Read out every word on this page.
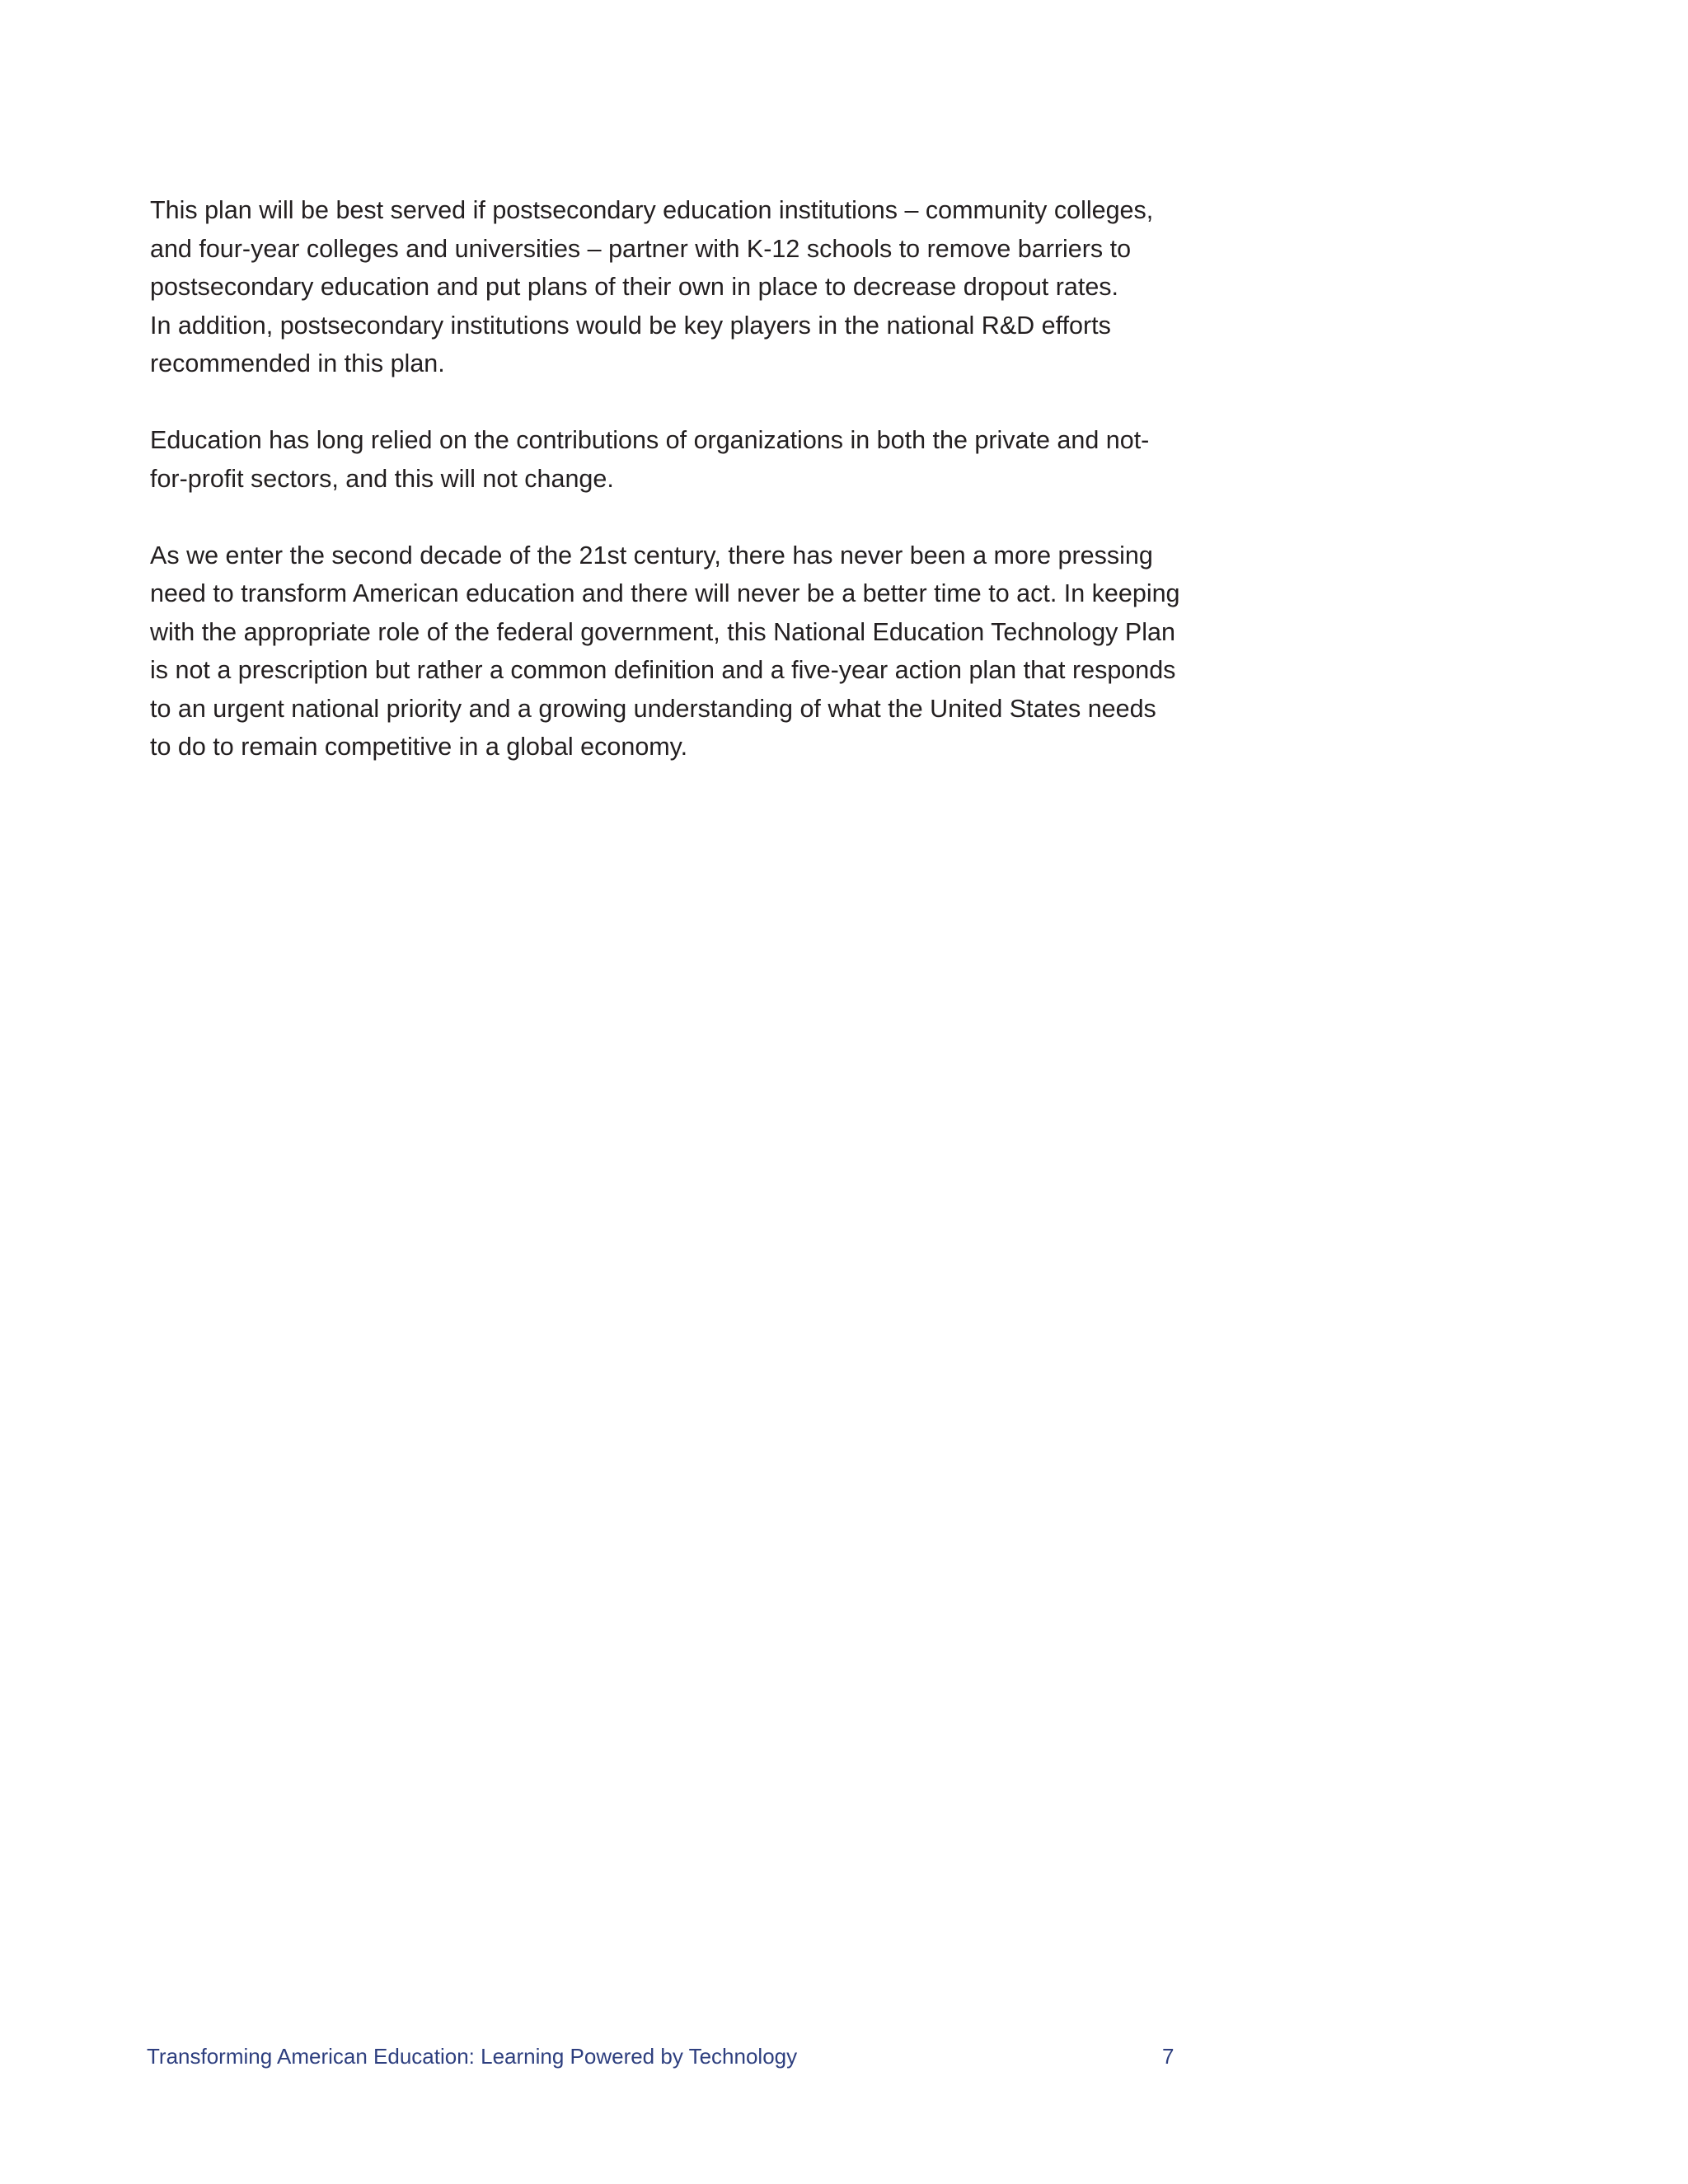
This plan will be best served if postsecondary education institutions – community colleges,
and four-year colleges and universities – partner with K-12 schools to remove barriers to
postsecondary education and put plans of their own in place to decrease dropout rates.
In addition, postsecondary institutions would be key players in the national R&D efforts
recommended in this plan.

Education has long relied on the contributions of organizations in both the private and not-
for-profit sectors, and this will not change.

As we enter the second decade of the 21st century, there has never been a more pressing
need to transform American education and there will never be a better time to act. In keeping
with the appropriate role of the federal government, this National Education Technology Plan
is not a prescription but rather a common definition and a five-year action plan that responds
to an urgent national priority and a growing understanding of what the United States needs
to do to remain competitive in a global economy.

Transforming American Education: Learning Powered by Technology	7
